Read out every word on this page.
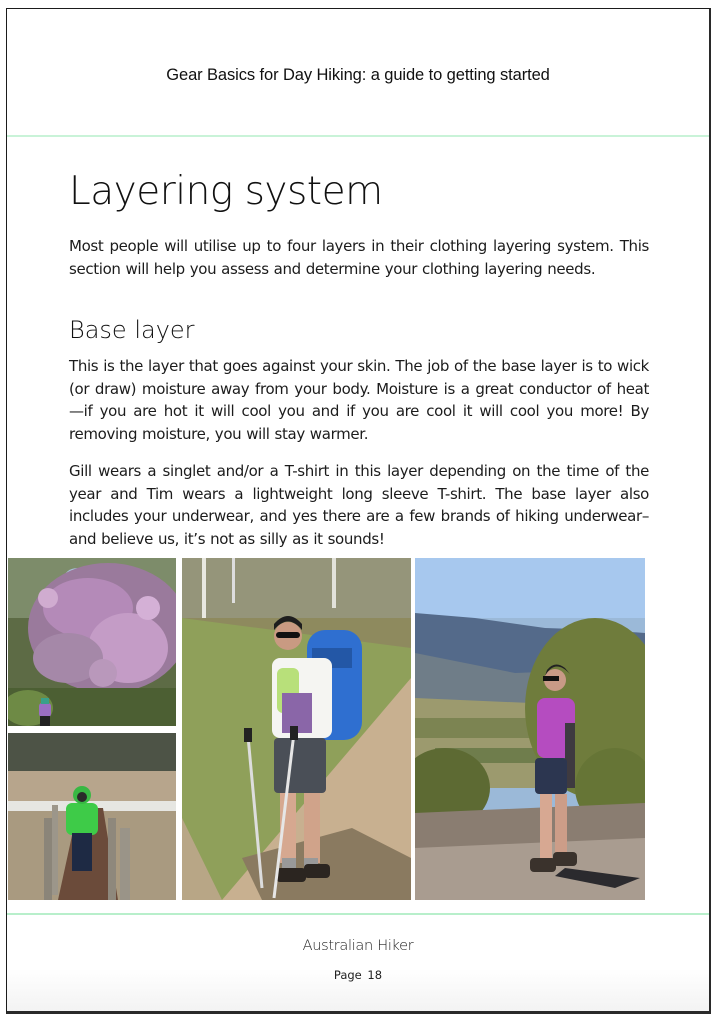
Gear Basics for Day Hiking: a guide to getting started
Layering system

Most people will utilise up to four layers in their clothing layering system. This section will help you assess and determine your clothing layering needs.

Base layer

This is the layer that goes against your skin. The job of the base layer is to wick (or draw) moisture away from your body. Moisture is a great conductor of heat—if you are hot it will cool you and if you are cool it will cool you more! By removing moisture, you will stay warmer.

Gill wears a singlet and/or a T-shirt in this layer depending on the time of the year and Tim wears a lightweight long sleeve T-shirt. The base layer also includes your underwear, and yes there are a few brands of hiking underwear–and believe us, it’s not as silly as it sounds!

Australian Hiker
Page 18
